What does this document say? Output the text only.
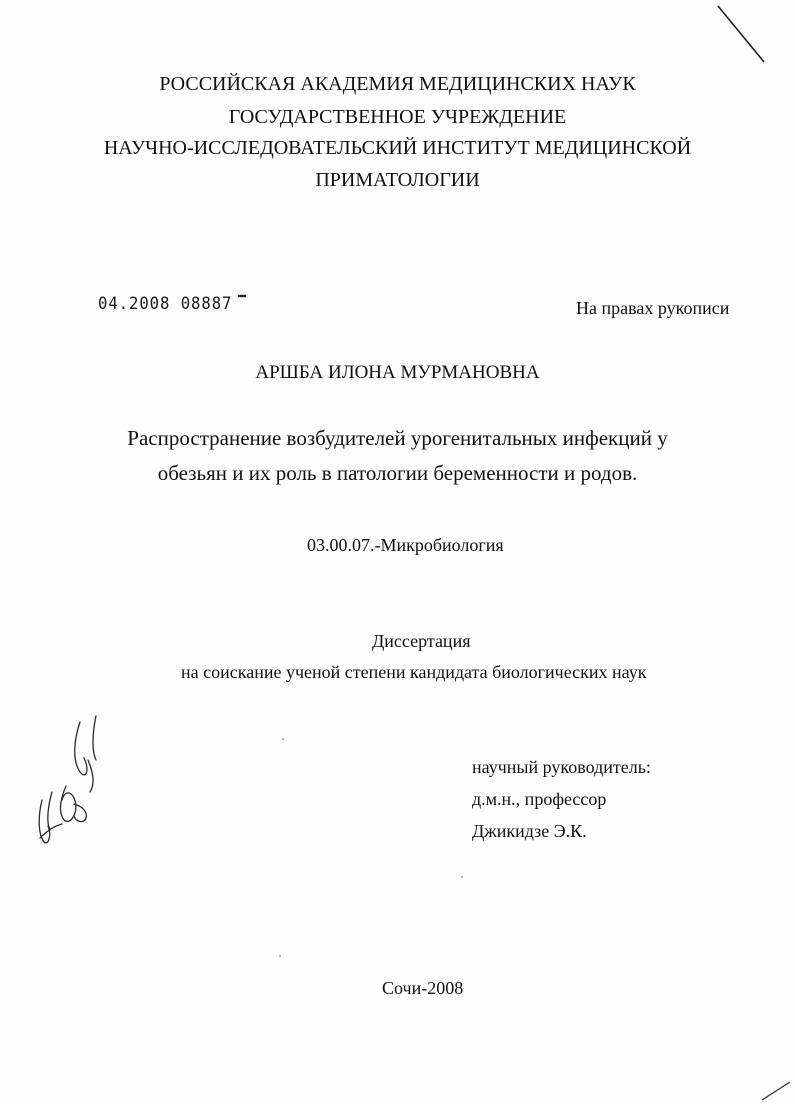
РОССИЙСКАЯ АКАДЕМИЯ МЕДИЦИНСКИХ НАУК
ГОСУДАРСТВЕННОЕ УЧРЕЖДЕНИЕ
НАУЧНО-ИССЛЕДОВАТЕЛЬСКИЙ ИНСТИТУТ МЕДИЦИНСКОЙ
ПРИМАТОЛОГИИ
04.2008 08887	На правах рукописи
АРШБА ИЛОНА МУРМАНОВНА
Распространение возбудителей урогенитальных инфекций у
обезьян и их роль в патологии беременности и родов.
03.00.07.-Микробиология
Диссертация
на соискание ученой степени кандидата биологических наук
научный руководитель:
д.м.н., профессор
Джикидзе Э.К.
Сочи-2008
